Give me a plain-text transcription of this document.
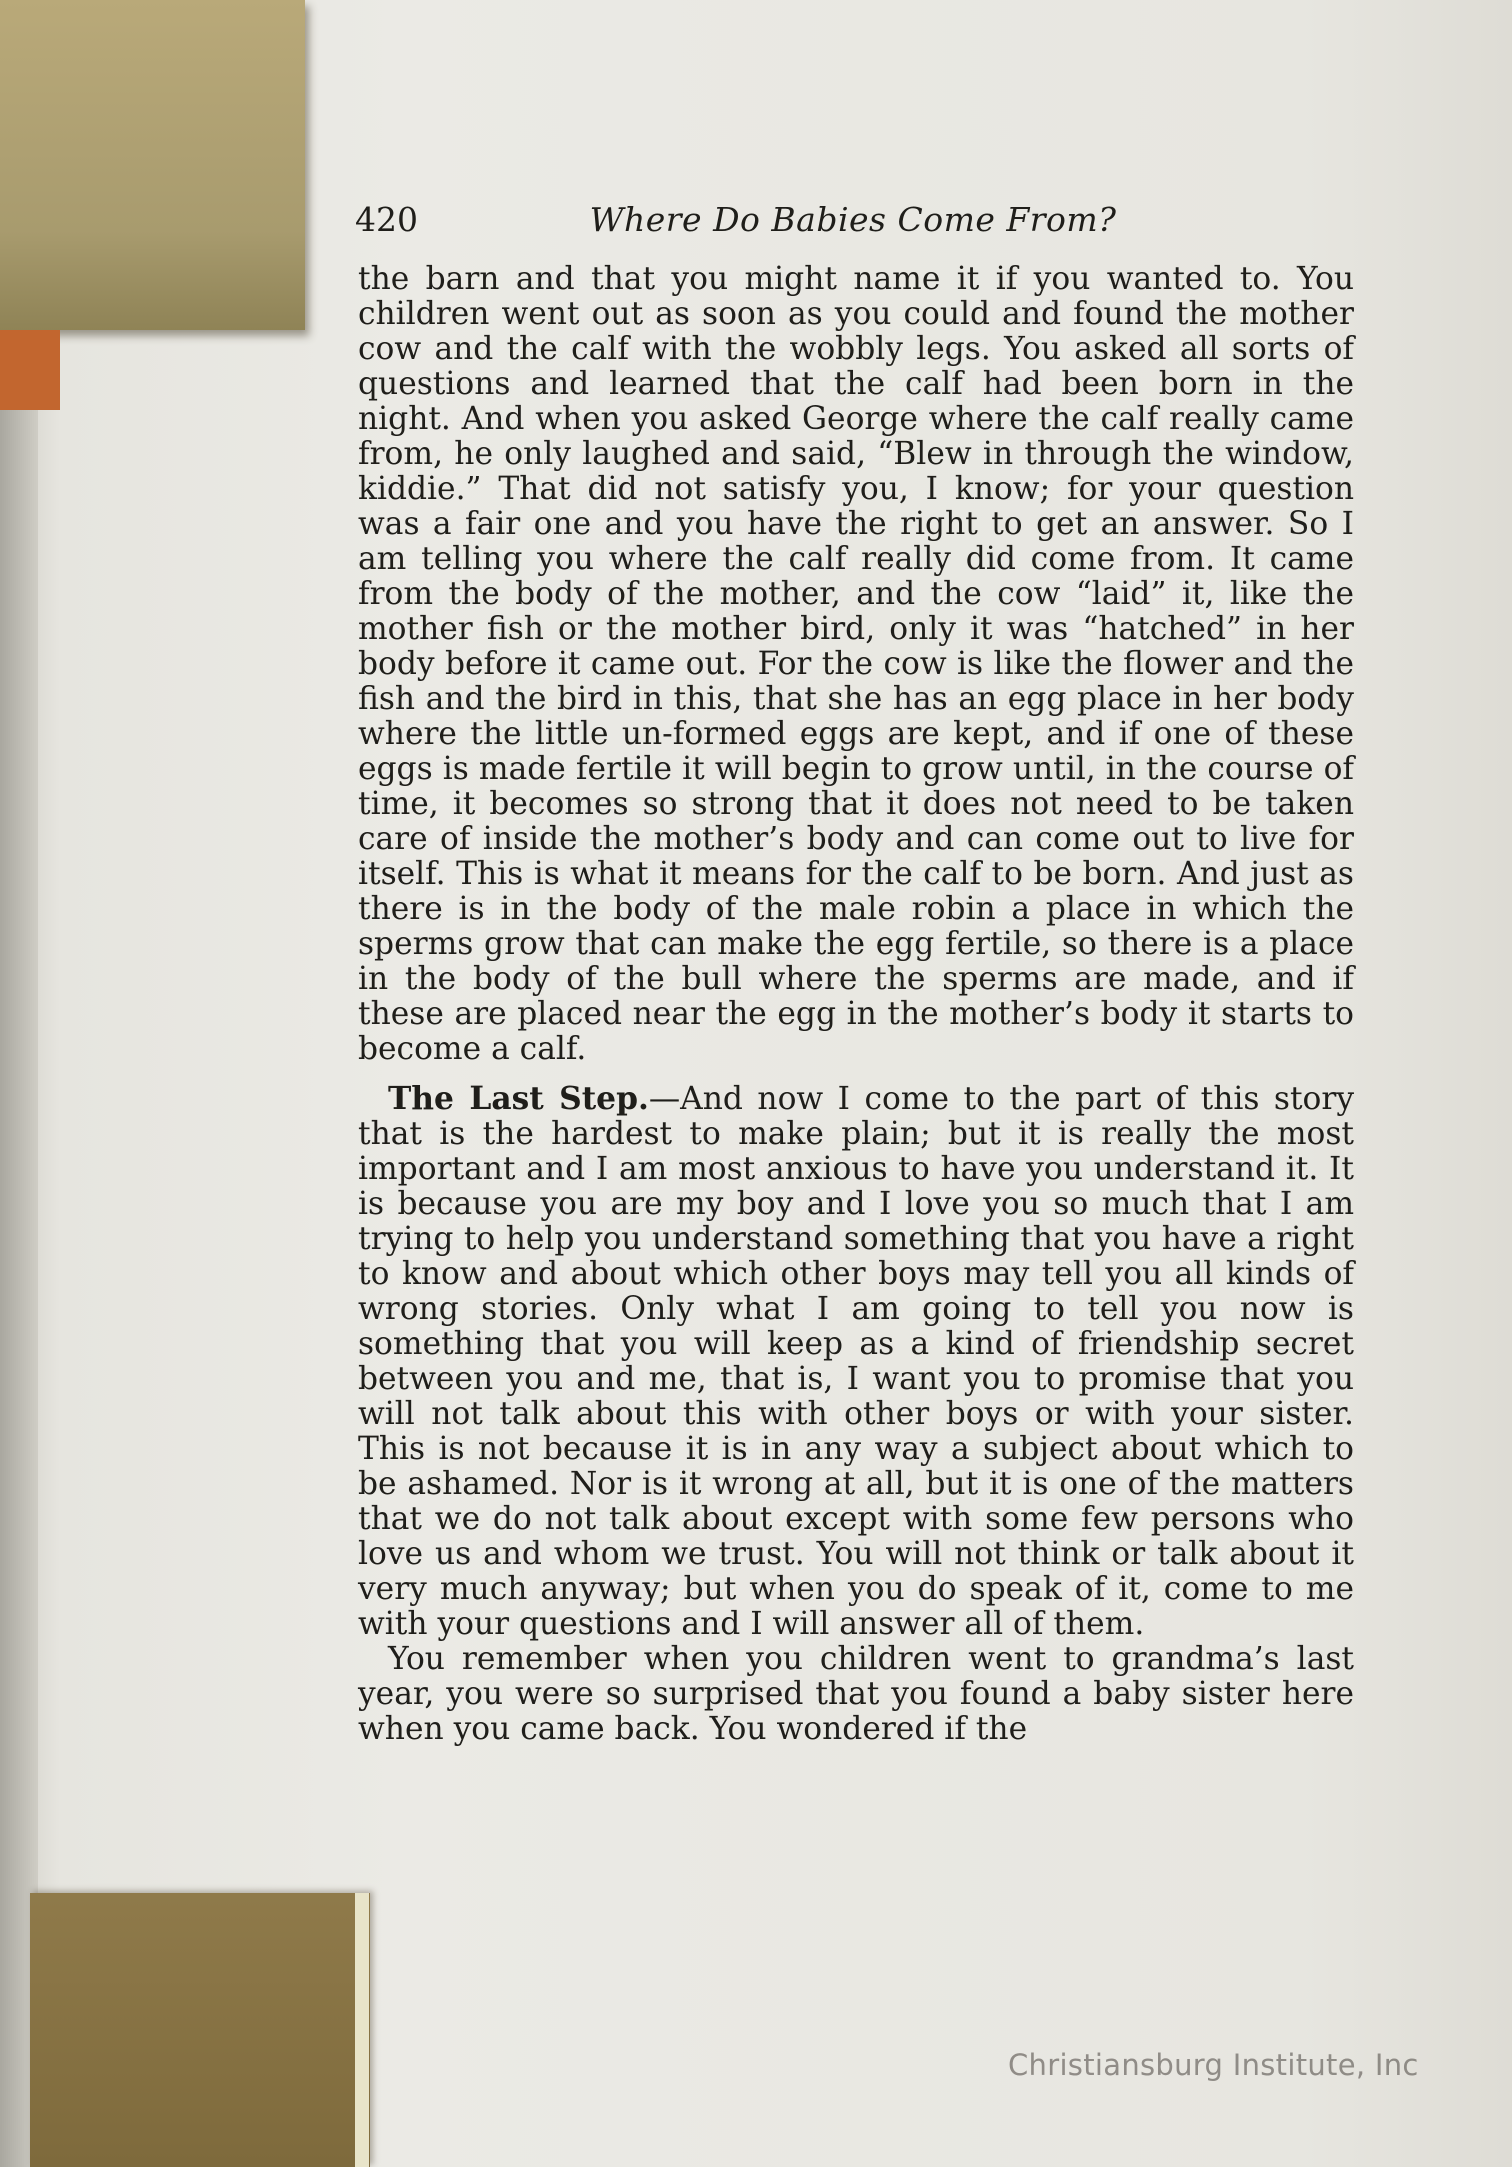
420	Where Do Babies Come From?

the barn and that you might name it if you wanted to. You children went out as soon as you could and found the mother cow and the calf with the wobbly legs. You asked all sorts of questions and learned that the calf had been born in the night. And when you asked George where the calf really came from, he only laughed and said, “Blew in through the window, kiddie.” That did not satisfy you, I know; for your question was a fair one and you have the right to get an answer. So I am telling you where the calf really did come from. It came from the body of the mother, and the cow “laid” it, like the mother fish or the mother bird, only it was “hatched” in her body before it came out. For the cow is like the flower and the fish and the bird in this, that she has an egg place in her body where the little un-formed eggs are kept, and if one of these eggs is made fertile it will begin to grow until, in the course of time, it becomes so strong that it does not need to be taken care of inside the mother’s body and can come out to live for itself. This is what it means for the calf to be born. And just as there is in the body of the male robin a place in which the sperms grow that can make the egg fertile, so there is a place in the body of the bull where the sperms are made, and if these are placed near the egg in the mother’s body it starts to become a calf.

The Last Step.—And now I come to the part of this story that is the hardest to make plain; but it is really the most important and I am most anxious to have you understand it. It is because you are my boy and I love you so much that I am trying to help you understand something that you have a right to know and about which other boys may tell you all kinds of wrong stories. Only what I am going to tell you now is something that you will keep as a kind of friendship secret between you and me, that is, I want you to promise that you will not talk about this with other boys or with your sister. This is not because it is in any way a subject about which to be ashamed. Nor is it wrong at all, but it is one of the matters that we do not talk about except with some few persons who love us and whom we trust. You will not think or talk about it very much anyway; but when you do speak of it, come to me with your questions and I will answer all of them.

You remember when you children went to grandma’s last year, you were so surprised that you found a baby sister here when you came back. You wondered if the

Christiansburg Institute, Inc
